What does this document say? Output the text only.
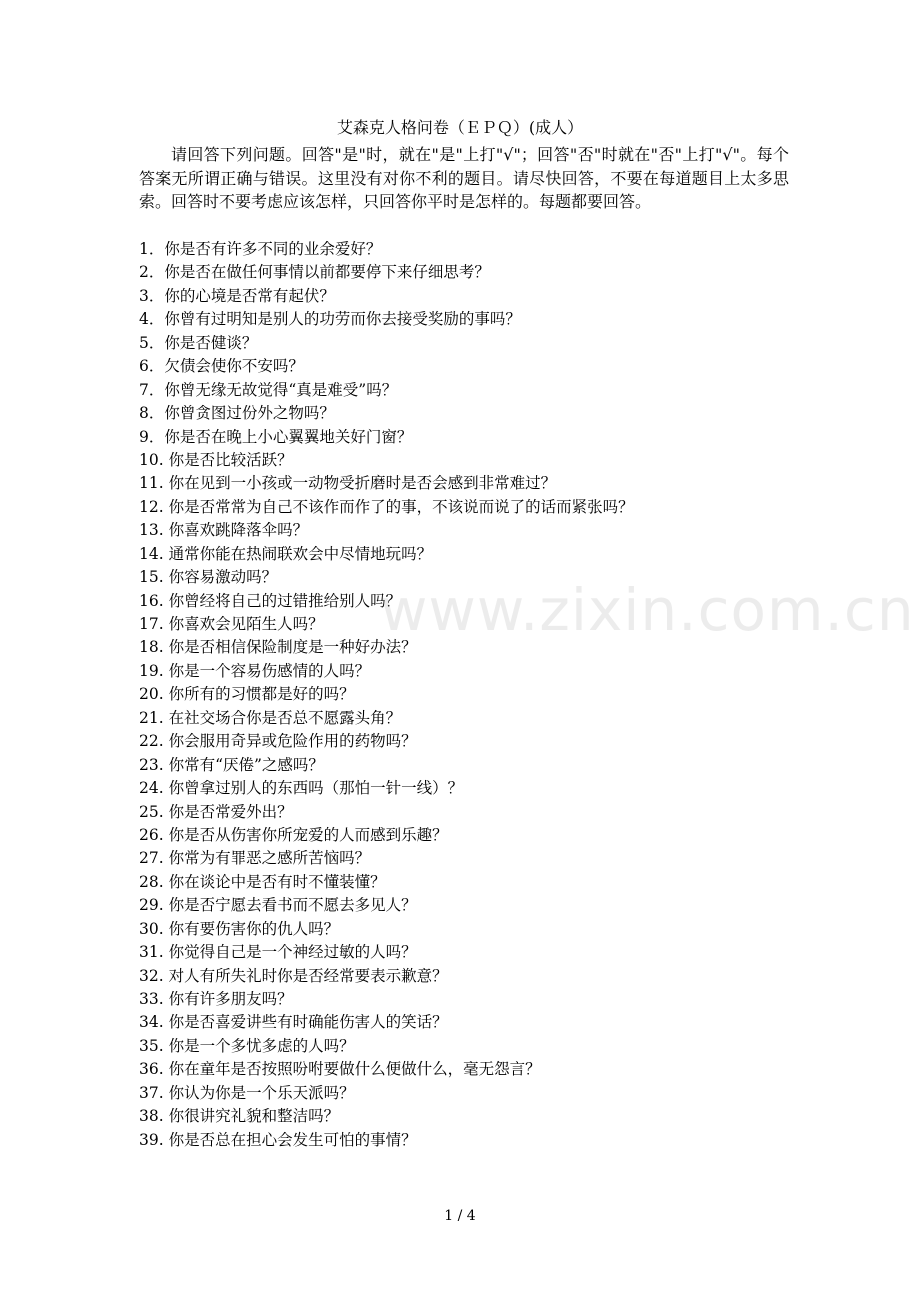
艾森克人格问卷（ＥＰＱ）(成人）
请回答下列问题。回答"是"时，就在"是"上打"√"；回答"否"时就在"否"上打"√"。每个答案无所谓正确与错误。这里没有对你不利的题目。请尽快回答，不要在每道题目上太多思索。回答时不要考虑应该怎样，只回答你平时是怎样的。每题都要回答。
1．你是否有许多不同的业余爱好？
2．你是否在做任何事情以前都要停下来仔细思考？
3．你的心境是否常有起伏？
4．你曾有过明知是别人的功劳而你去接受奖励的事吗？
5．你是否健谈？
6．欠债会使你不安吗？
7．你曾无缘无故觉得“真是难受”吗？
8．你曾贪图过份外之物吗？
9．你是否在晚上小心翼翼地关好门窗？
10. 你是否比较活跃？
11. 你在见到一小孩或一动物受折磨时是否会感到非常难过？
12. 你是否常常为自己不该作而作了的事，不该说而说了的话而紧张吗？
13. 你喜欢跳降落伞吗？
14. 通常你能在热闹联欢会中尽情地玩吗？
15. 你容易激动吗？
16. 你曾经将自己的过错推给别人吗？
17. 你喜欢会见陌生人吗？
18. 你是否相信保险制度是一种好办法？
19. 你是一个容易伤感情的人吗？
20. 你所有的习惯都是好的吗？
21. 在社交场合你是否总不愿露头角？
22. 你会服用奇异或危险作用的药物吗？
23. 你常有“厌倦”之感吗？
24. 你曾拿过别人的东西吗（那怕一针一线）？
25. 你是否常爱外出？
26. 你是否从伤害你所宠爱的人而感到乐趣？
27. 你常为有罪恶之感所苦恼吗？
28. 你在谈论中是否有时不懂装懂？
29. 你是否宁愿去看书而不愿去多见人？
30. 你有要伤害你的仇人吗？
31. 你觉得自己是一个神经过敏的人吗？
32. 对人有所失礼时你是否经常要表示歉意？
33. 你有许多朋友吗？
34. 你是否喜爱讲些有时确能伤害人的笑话？
35. 你是一个多忧多虑的人吗？
36. 你在童年是否按照吩咐要做什么便做什么，毫无怨言？
37. 你认为你是一个乐天派吗？
38. 你很讲究礼貌和整洁吗？
39. 你是否总在担心会发生可怕的事情？
1 / 4
www.zixin.com.cn
